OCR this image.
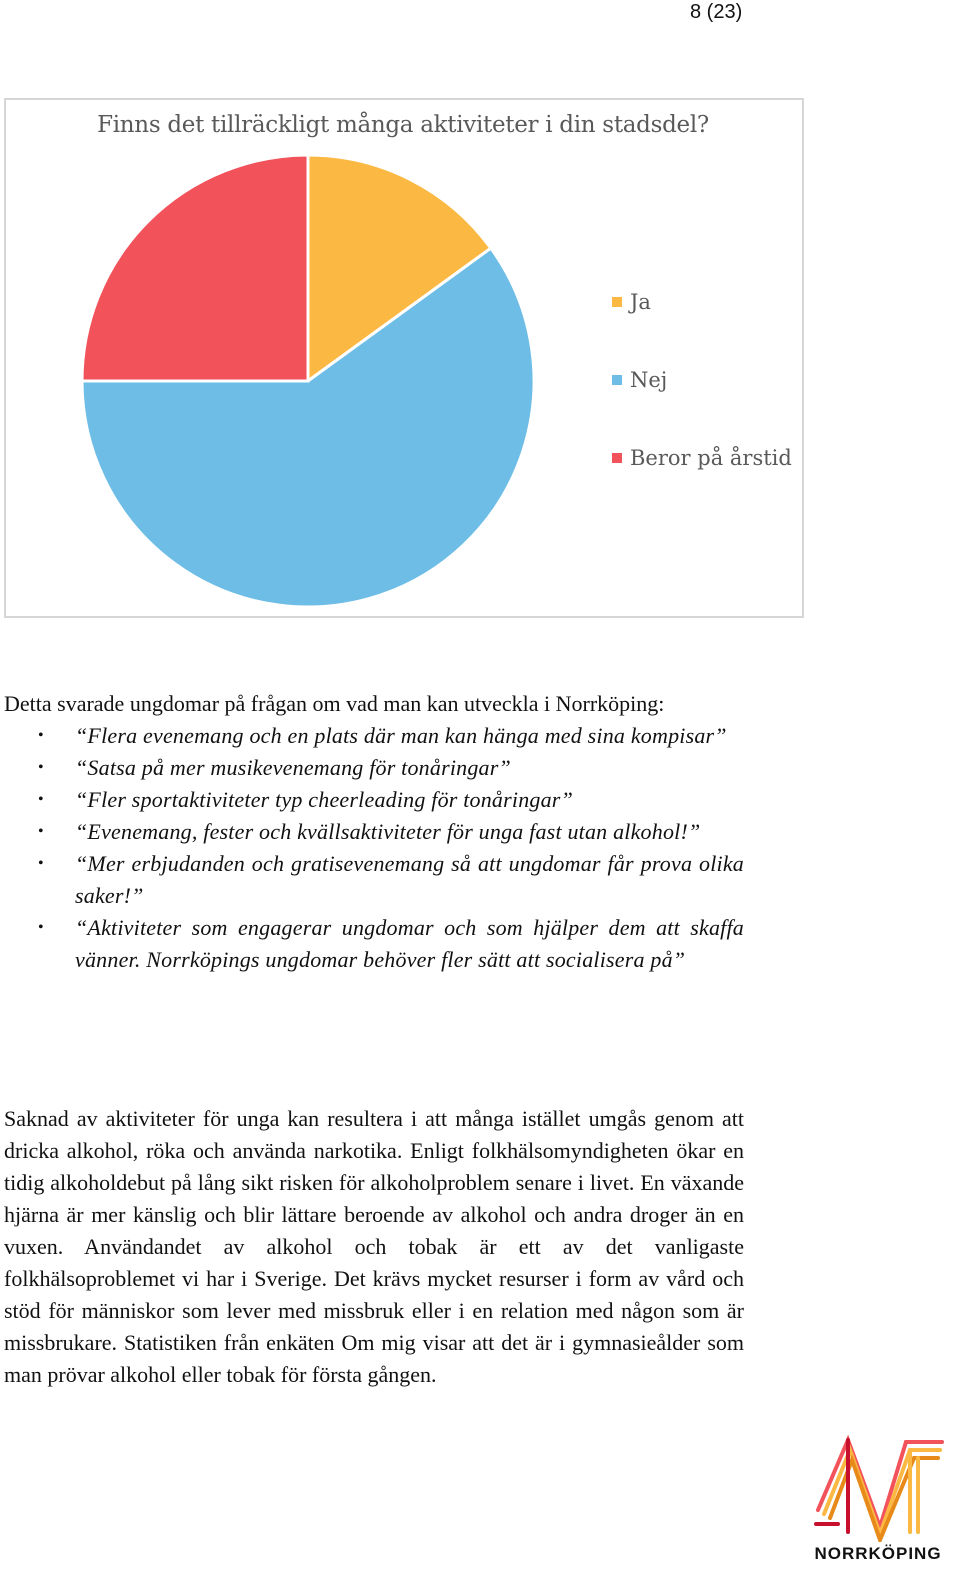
8 (23)
Finns det tillräckligt många aktiviteter i din stadsdel?
Ja
Nej
Beror på årstid
Detta svarade ungdomar på frågan om vad man kan utveckla i Norrköping:
• “Flera evenemang och en plats där man kan hänga med sina kompisar”
• “Satsa på mer musikevenemang för tonåringar”
• “Fler sportaktiviteter typ cheerleading för tonåringar”
• “Evenemang, fester och kvällsaktiviteter för unga fast utan alkohol!”
• “Mer erbjudanden och gratisevenemang så att ungdomar får prova olika saker!”
• “Aktiviteter som engagerar ungdomar och som hjälper dem att skaffa vänner. Norrköpings ungdomar behöver fler sätt att socialisera på”
Saknad av aktiviteter för unga kan resultera i att många istället umgås genom att dricka alkohol, röka och använda narkotika. Enligt folkhälsomyndigheten ökar en tidig alkoholdebut på lång sikt risken för alkoholproblem senare i livet. En växande hjärna är mer känslig och blir lättare beroende av alkohol och andra droger än en vuxen. Användandet av alkohol och tobak är ett av det vanligaste folkhälsoproblemet vi har i Sverige. Det krävs mycket resurser i form av vård och stöd för människor som lever med missbruk eller i en relation med någon som är missbrukare. Statistiken från enkäten Om mig visar att det är i gymnasieålder som man prövar alkohol eller tobak för första gången.
NORRKÖPING
